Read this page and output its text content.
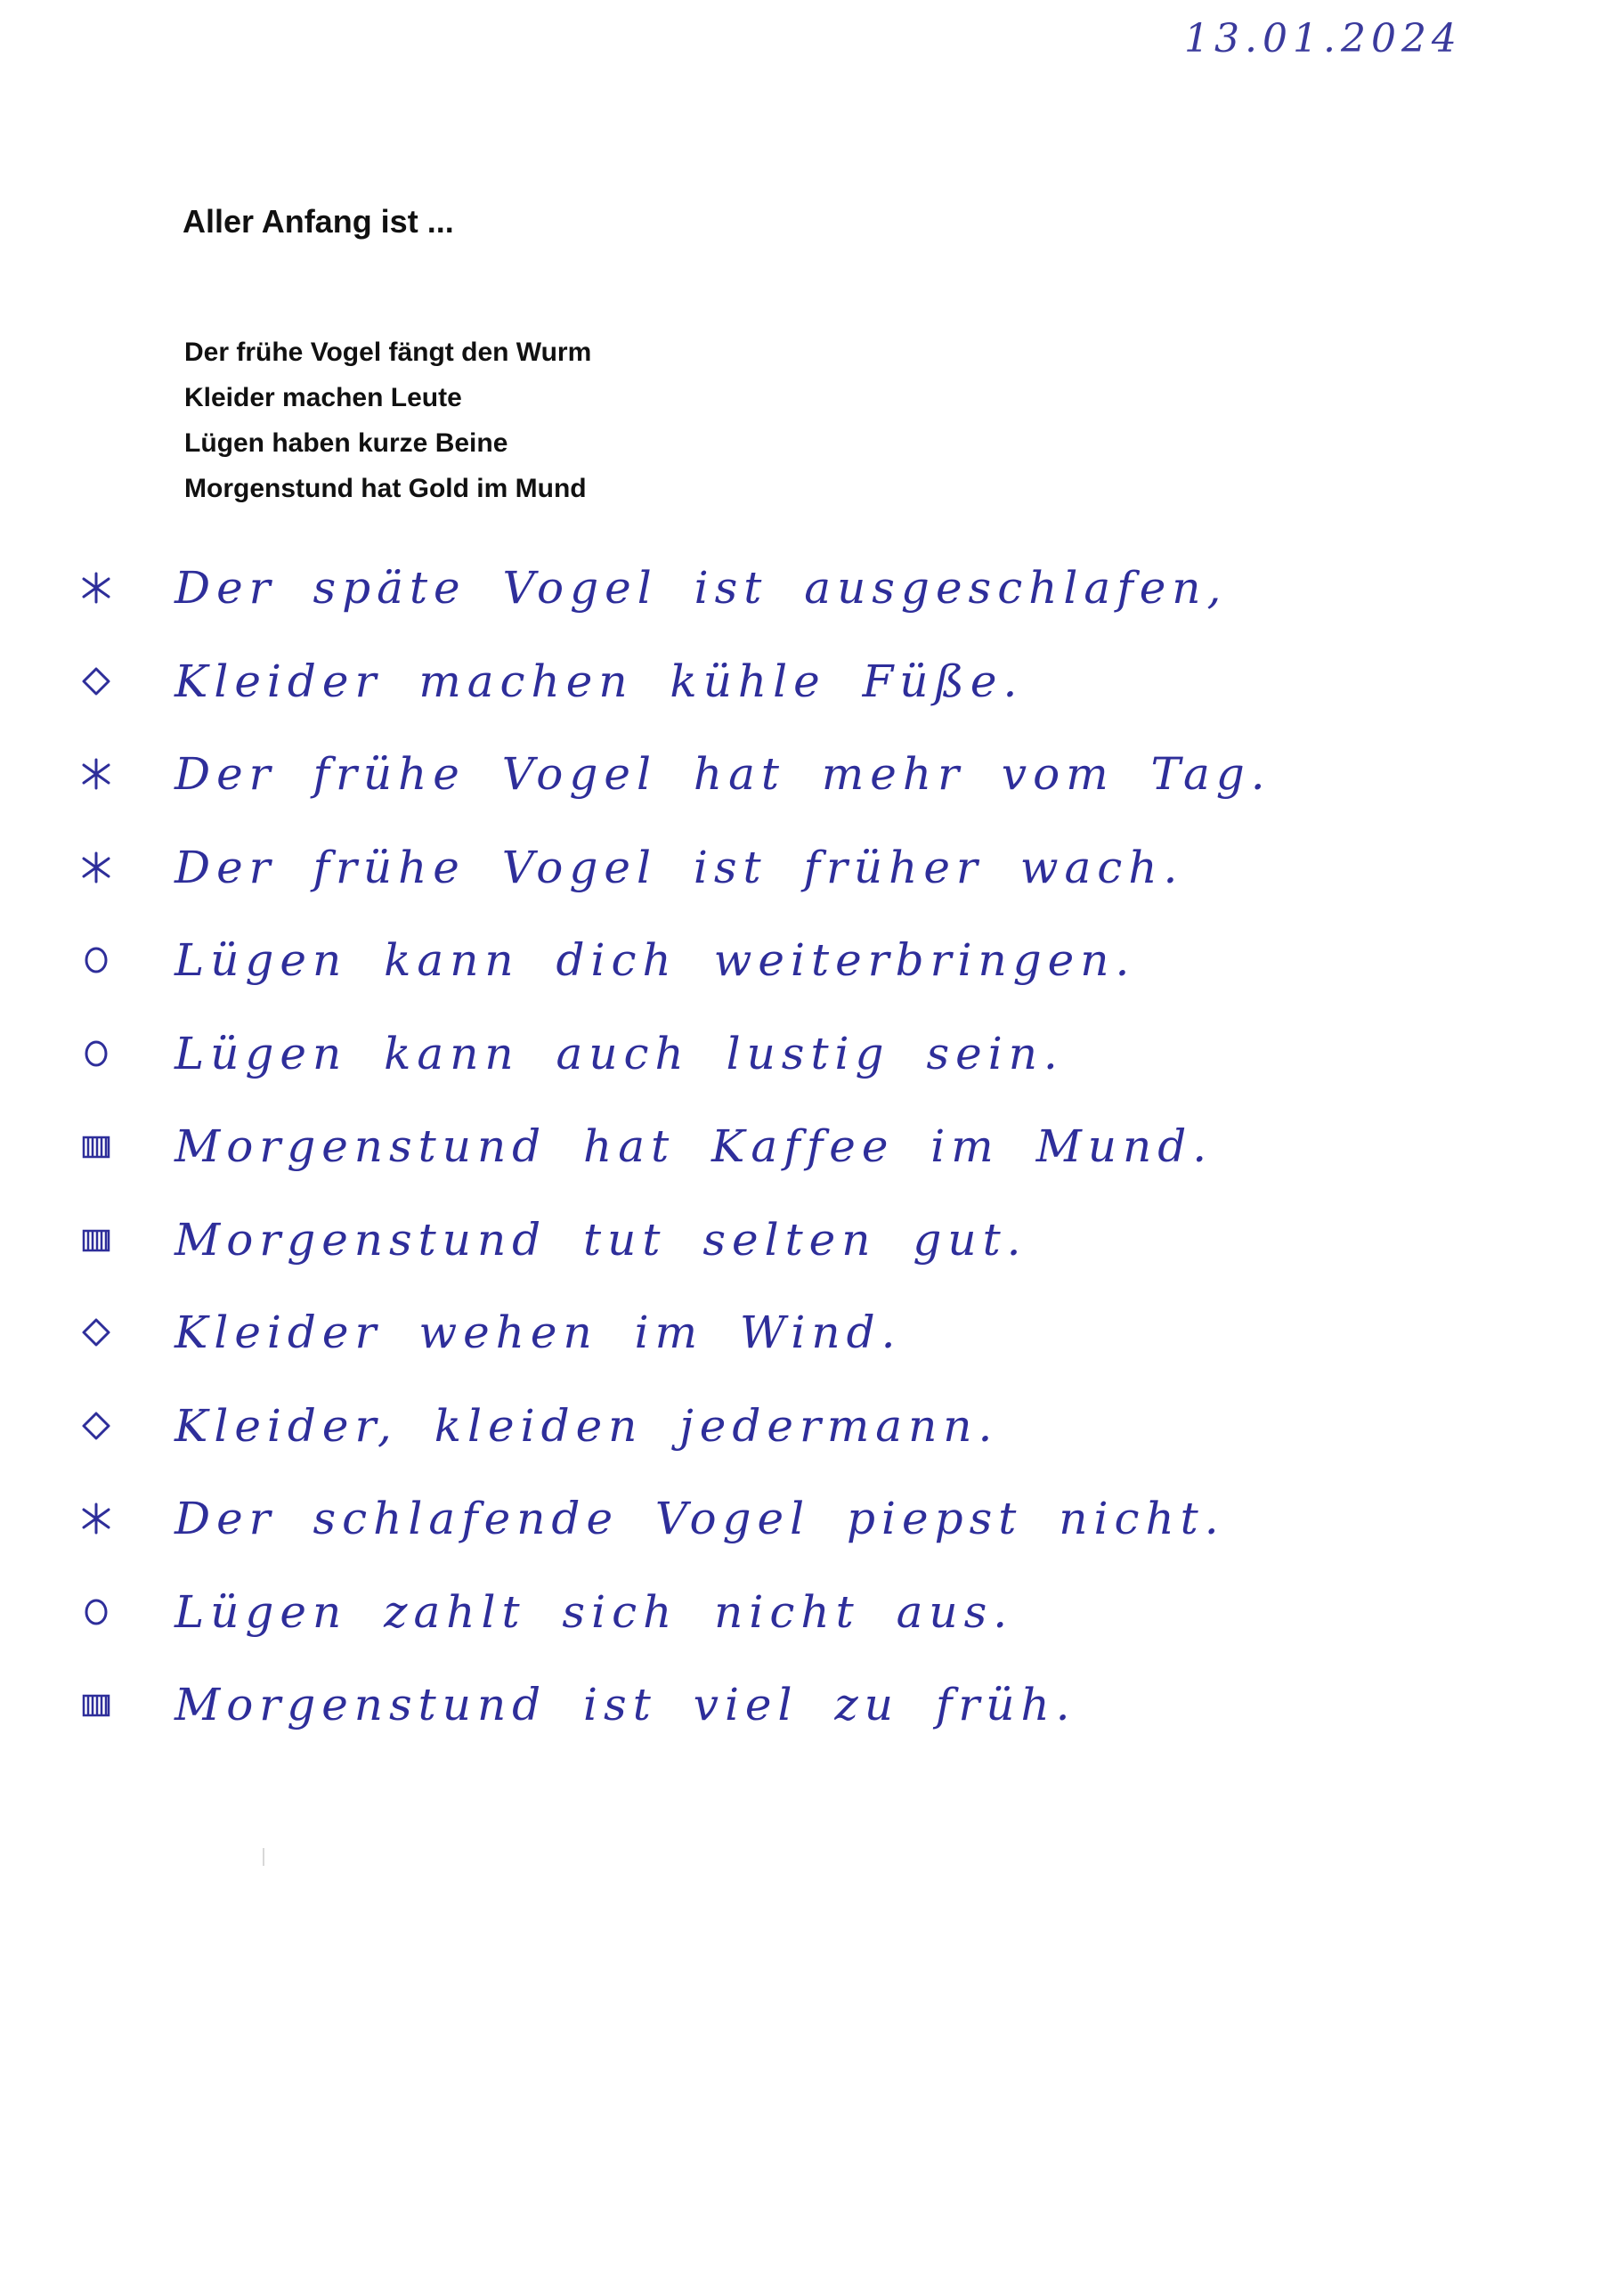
13.01.2024
Aller Anfang ist ...
Der frühe Vogel fängt den Wurm
Kleider machen Leute
Lügen haben kurze Beine
Morgenstund hat Gold im Mund
Der späte Vogel ist ausgeschlafen,
Kleider machen kühle Füße.
Der frühe Vogel hat mehr vom Tag.
Der frühe Vogel ist früher wach.
Lügen kann dich weiterbringen.
Lügen kann auch lustig sein.
Morgenstund hat Kaffee im Mund.
Morgenstund tut selten gut.
Kleider wehen im Wind.
Kleider, kleiden jedermann.
Der schlafende Vogel piepst nicht.
Lügen zahlt sich nicht aus.
Morgenstund ist viel zu früh.
